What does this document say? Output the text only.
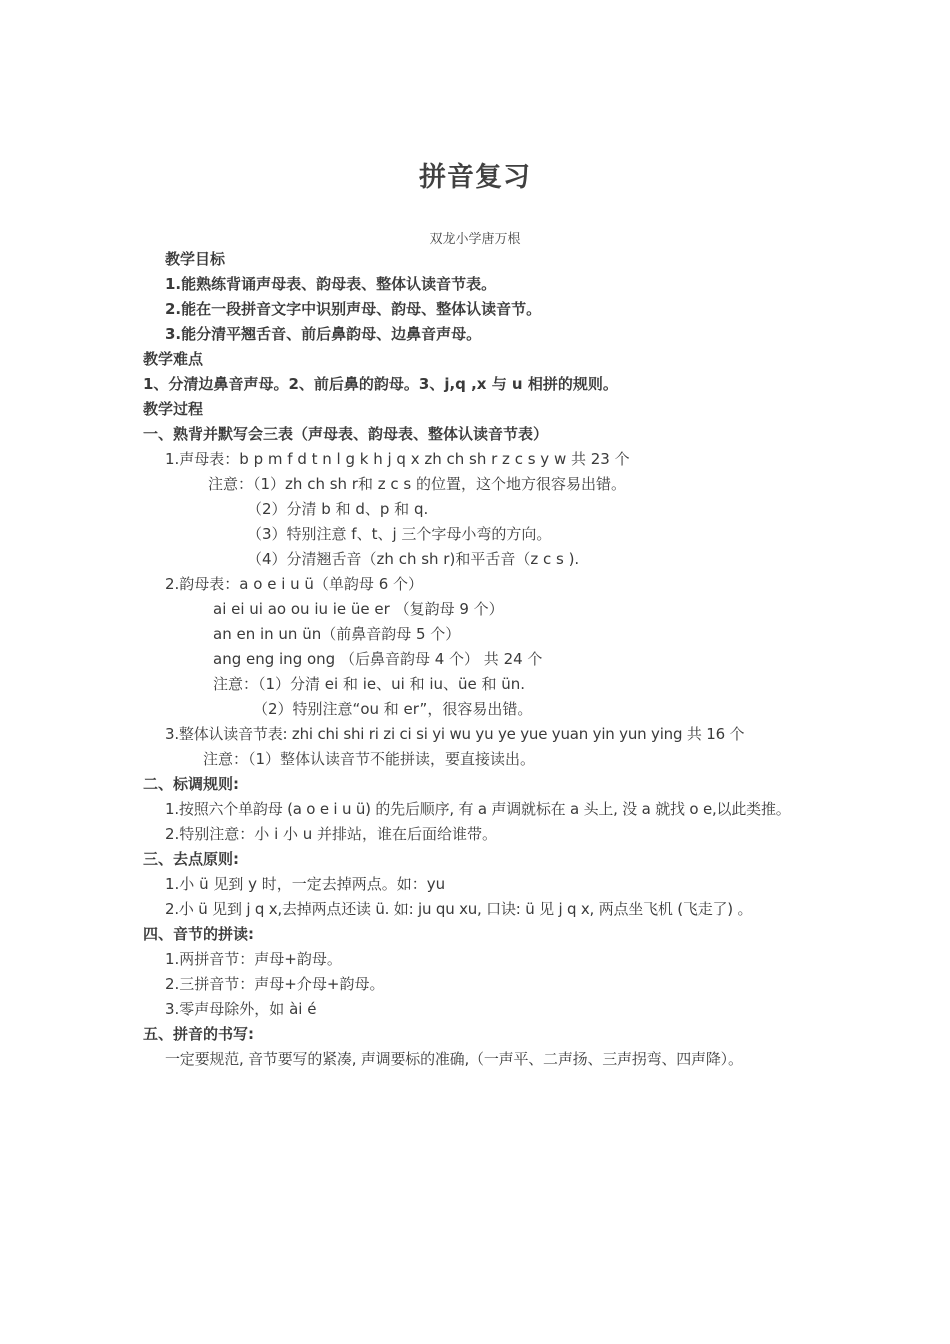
拼音复习
双龙小学唐万根
教学目标
1.能熟练背诵声母表、韵母表、整体认读音节表。
2.能在一段拼音文字中识别声母、韵母、整体认读音节。
3.能分清平翘舌音、前后鼻韵母、边鼻音声母。
教学难点
1、分清边鼻音声母。2、前后鼻的韵母。3、j,q ,x 与 u 相拼的规则。
教学过程
一、熟背并默写会三表（声母表、韵母表、整体认读音节表）
1.声母表：b p m f d t n l g k h j q x zh ch sh r z c s y w 共 23 个
注意：（1）zh ch sh r和 z c s 的位置，这个地方很容易出错。
（2）分清 b 和 d、p 和 q.
（3）特别注意 f、t、j 三个字母小弯的方向。
（4）分清翘舌音（zh ch sh r)和平舌音（z c s ).
2.韵母表：a o e i u ü（单韵母 6 个）
ai ei ui ao ou iu ie üe er （复韵母 9 个）
an en in un ün（前鼻音韵母 5 个）
ang eng ing ong （后鼻音韵母 4 个） 共 24 个
注意：（1）分清 ei 和 ie、ui 和 iu、üe 和 ün.
（2）特别注意“ou 和 er”，很容易出错。
3.整体认读音节表: zhi chi shi ri zi ci si yi wu yu ye yue yuan yin yun ying 共 16 个
注意：（1）整体认读音节不能拼读，要直接读出。
二、标调规则:
1.按照六个单韵母 (a o e i u ü) 的先后顺序, 有 a 声调就标在 a 头上, 没 a 就找 o e,以此类推。
2.特别注意：小 i 小 u 并排站，谁在后面给谁带。
三、去点原则:
1.小 ü 见到 y 时，一定去掉两点。如：yu
2.小 ü 见到 j q x,去掉两点还读 ü. 如: ju qu xu, 口诀: ü 见 j q x, 两点坐飞机 (飞走了) 。
四、音节的拼读:
1.两拼音节：声母+韵母。
2.三拼音节：声母+介母+韵母。
3.零声母除外，如 ài é
五、拼音的书写:
一定要规范, 音节要写的紧凑, 声调要标的准确,（一声平、二声扬、三声拐弯、四声降）。
